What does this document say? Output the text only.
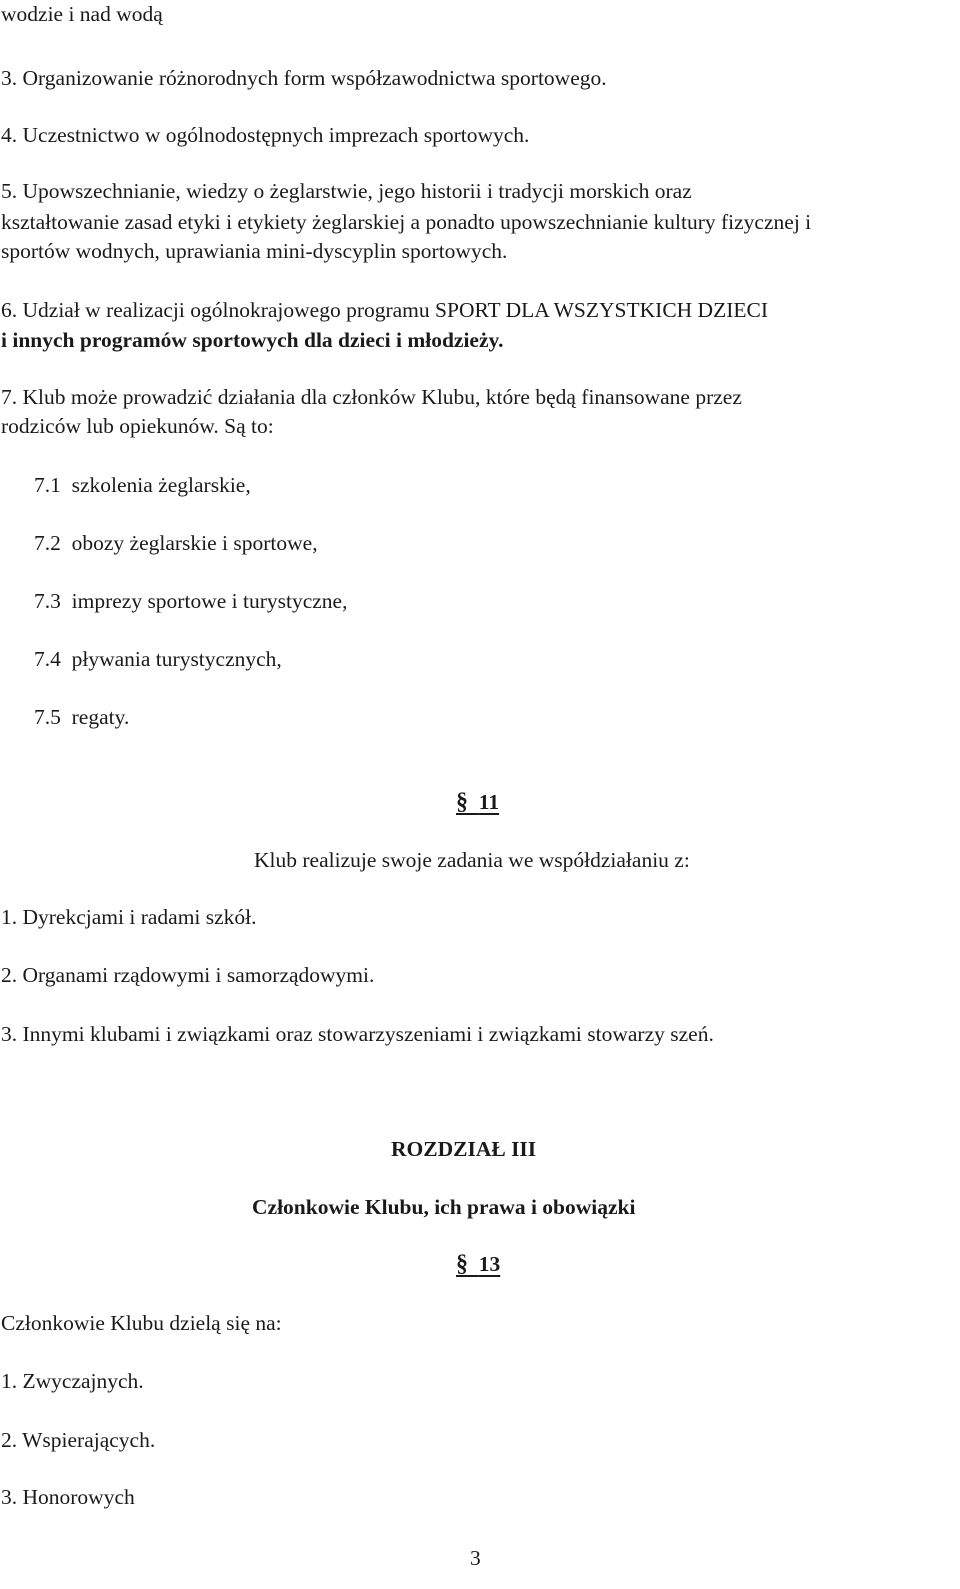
wodzie i nad wodą
3. Organizowanie różnorodnych form współzawodnictwa sportowego.
4. Uczestnictwo w ogólnodostępnych imprezach sportowych.
5. Upowszechnianie, wiedzy o żeglarstwie, jego historii i tradycji morskich oraz
kształtowanie zasad etyki i etykiety żeglarskiej a ponadto upowszechnianie kultury fizycznej i
sportów wodnych, uprawiania mini-dyscyplin sportowych.
6. Udział w realizacji ogólnokrajowego programu SPORT DLA WSZYSTKICH DZIECI
i innych programów sportowych dla dzieci i młodzieży.
7. Klub może prowadzić działania dla członków Klubu, które będą finansowane przez
rodziców lub opiekunów. Są to:
7.1 szkolenia żeglarskie,
7.2 obozy żeglarskie i sportowe,
7.3 imprezy sportowe i turystyczne,
7.4 pływania turystycznych,
7.5 regaty.
§ 11
Klub realizuje swoje zadania we współdziałaniu z:
1. Dyrekcjami i radami szkół.
2. Organami rządowymi i samorządowymi.
3. Innymi klubami i związkami oraz stowarzyszeniami i związkami stowarzy szeń.
ROZDZIAŁ III
Członkowie Klubu, ich prawa i obowiązki
§ 13
Członkowie Klubu dzielą się na:
1. Zwyczajnych.
2. Wspierających.
3. Honorowych
3
